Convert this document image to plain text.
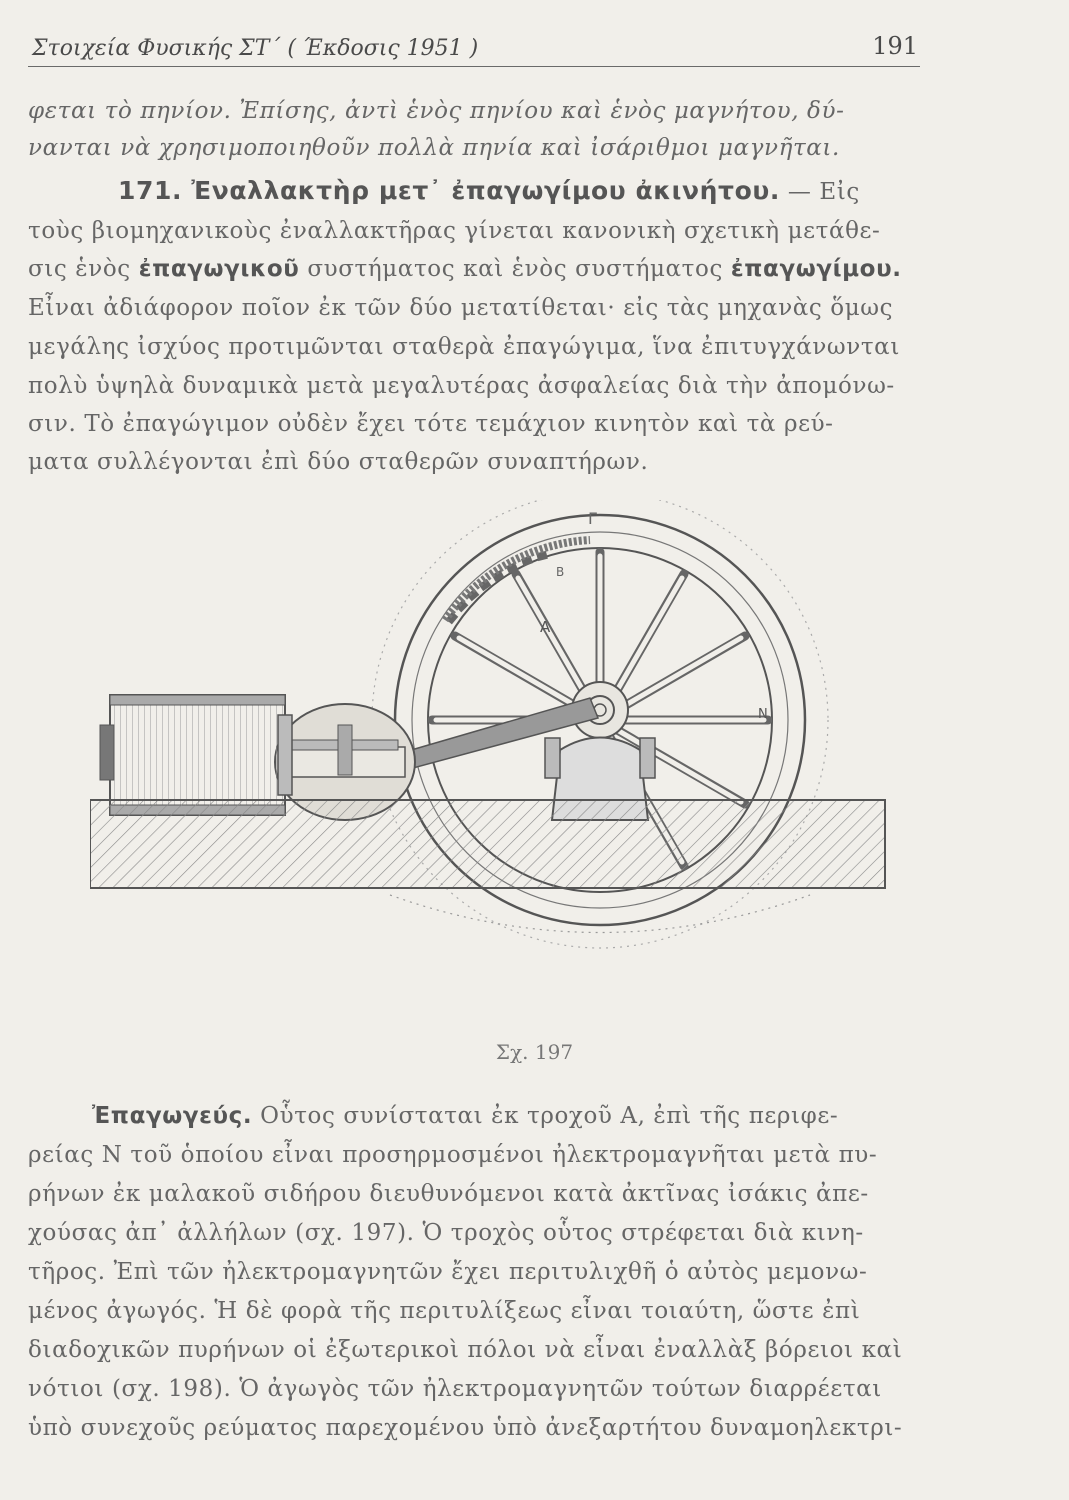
Στοιχεία Φυσικής ΣΤ΄ ( Έκδοσις 1951 )	191
φεται τὸ πηνίον. Ἐπίσης, ἀντὶ ἑνὸς πηνίου καὶ ἑνὸς μαγνήτου, δύ-
νανται νὰ χρησιμοποιηθοῦν πολλὰ πηνία καὶ ἰσάριθμοι μαγνῆται.
171. Ἐναλλακτὴρ μετ᾽ ἐπαγωγίμου ἀκινήτου. — Εἰς
τοὺς βιομηχανικοὺς ἐναλλακτῆρας γίνεται κανονικὴ σχετικὴ μετάθε-
σις ἑνὸς ἐπαγωγικοῦ συστήματος καὶ ἑνὸς συστήματος ἐπαγωγίμου.
Εἶναι ἀδιάφορον ποῖον ἐκ τῶν δύο μετατίθεται· εἰς τὰς μηχανὰς ὅμως
μεγάλης ἰσχύος προτιμῶνται σταθερὰ ἐπαγώγιμα, ἵνα ἐπιτυγχάνωνται
πολὺ ὑψηλὰ δυναμικὰ μετὰ μεγαλυτέρας ἀσφαλείας διὰ τὴν ἀπομόνω-
σιν. Τὸ ἐπαγώγιμον οὐδὲν ἔχει τότε τεμάχιον κινητὸν καὶ τὰ ρεύ-
ματα συλλέγονται ἐπὶ δύο σταθερῶν συναπτήρων.
Γ
B
A
N
Σχ. 197
Ἐπαγωγεύς. Οὗτος συνίσταται ἐκ τροχοῦ Α, ἐπὶ τῆς περιφε-
ρείας Ν τοῦ ὁποίου εἶναι προσηρμοσμένοι ἠλεκτρομαγνῆται μετὰ πυ-
ρήνων ἐκ μαλακοῦ σιδήρου διευθυνόμενοι κατὰ ἀκτῖνας ἰσάκις ἀπε-
χούσας ἀπ᾽ ἀλλήλων (σχ. 197). Ὁ τροχὸς οὗτος στρέφεται διὰ κινη-
τῆρος. Ἐπὶ τῶν ἠλεκτρομαγνητῶν ἔχει περιτυλιχθῆ ὁ αὐτὸς μεμονω-
μένος ἀγωγός. Ἡ δὲ φορὰ τῆς περιτυλίξεως εἶναι τοιαύτη, ὥστε ἐπὶ
διαδοχικῶν πυρήνων οἱ ἐξωτερικοὶ πόλοι νὰ εἶναι ἐναλλὰξ βόρειοι καὶ
νότιοι (σχ. 198). Ὁ ἀγωγὸς τῶν ἠλεκτρομαγνητῶν τούτων διαρρέεται
ὑπὸ συνεχοῦς ρεύματος παρεχομένου ὑπὸ ἀνεξαρτήτου δυναμοηλεκτρι-
